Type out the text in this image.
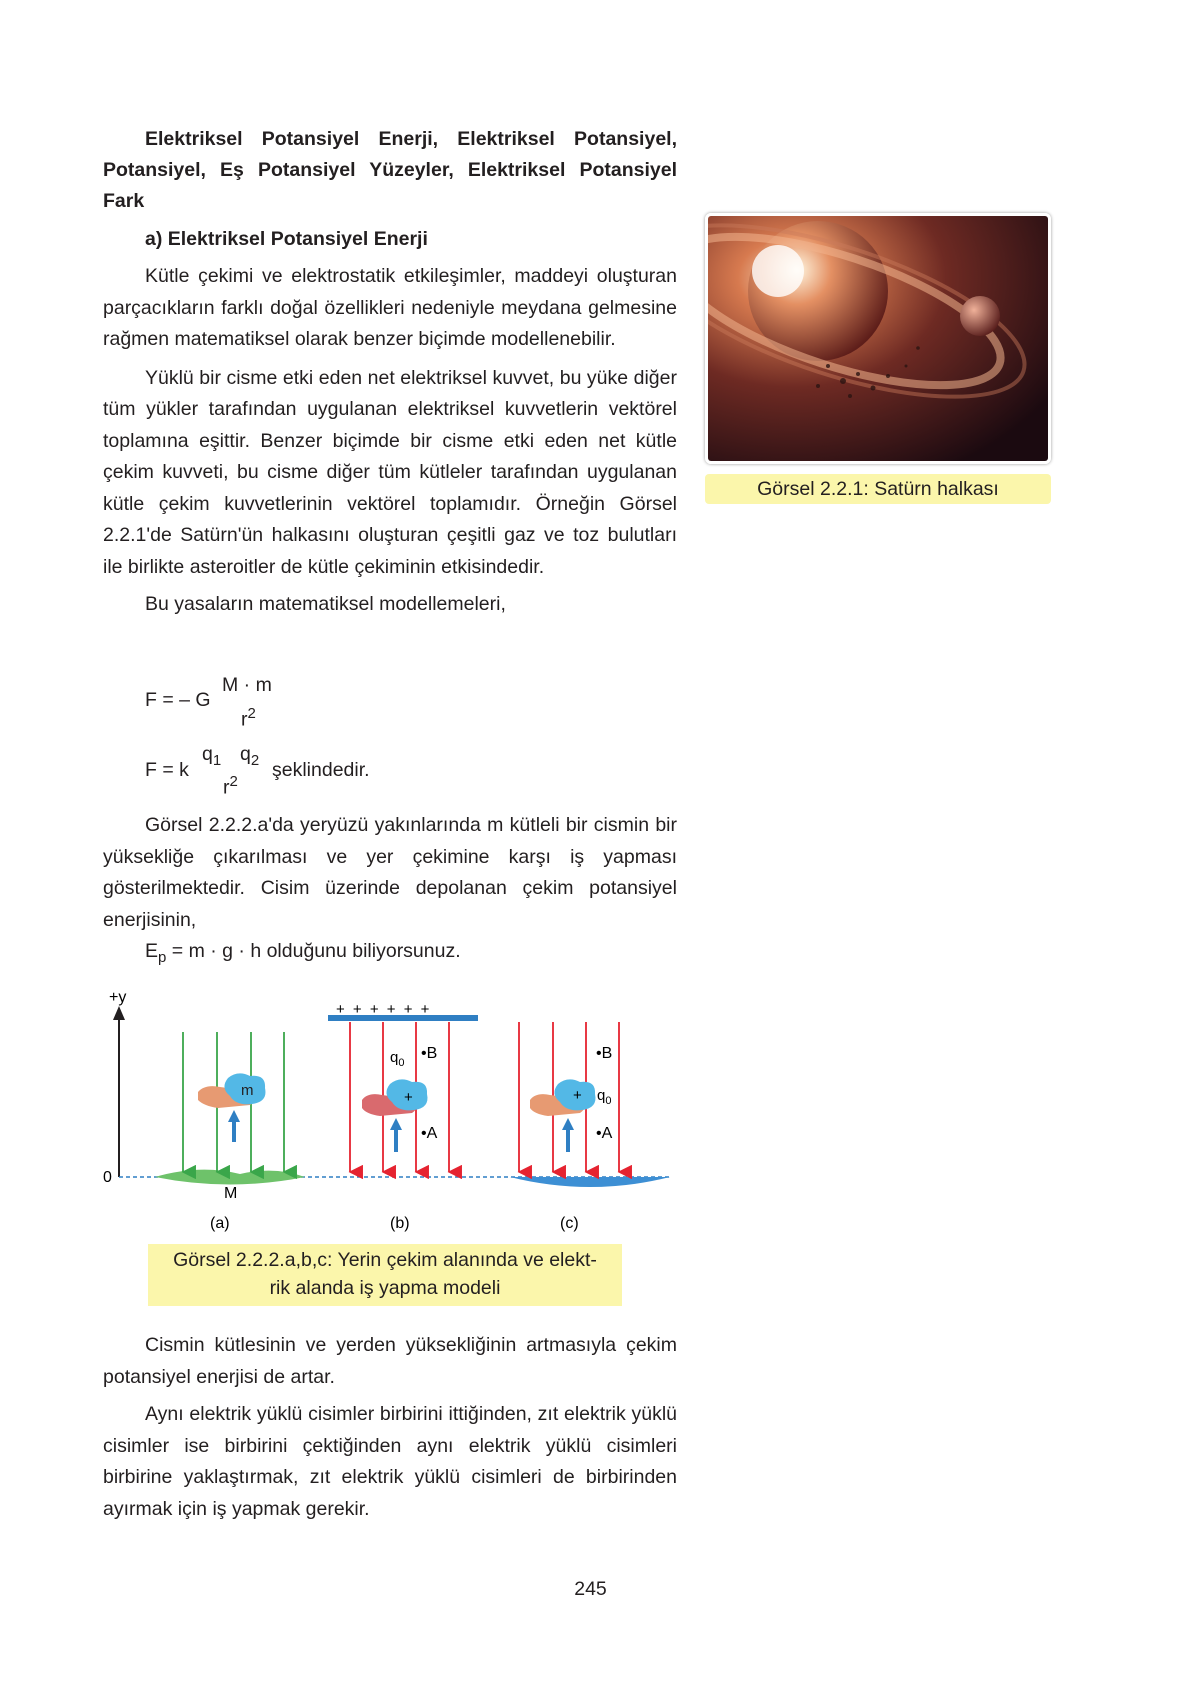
Elektriksel Potansiyel Enerji, Elektriksel Potansiyel, Potansiyel, Eş Potansiyel Yüzeyler, Elektriksel Potansiyel Fark
a) Elektriksel Potansiyel Enerji

Kütle çekimi ve elektrostatik etkileşimler, maddeyi oluşturan parçacıkların farklı doğal özellikleri nedeniyle meydana gelmesine rağmen matematiksel olarak benzer biçimde modellenebilir.

Yüklü bir cisme etki eden net elektriksel kuvvet, bu yüke diğer tüm yükler tarafından uygulanan elektriksel kuvvetlerin vektörel toplamına eşittir. Benzer biçimde bir cisme etki eden net kütle çekim kuvveti, bu cisme diğer tüm kütleler tarafından uygulanan kütle çekim kuvvetlerinin vektörel toplamıdır. Örneğin Görsel 2.2.1'de Satürn'ün halkasını oluşturan çeşitli gaz ve toz bulutları ile birlikte asteroitler de kütle çekiminin etkisindedir.

Bu yasaların matematiksel modellemeleri,

F = – G
M · m
$r^2$
F = k
$q_1$ $q_2$
$r^2$
şeklindedir.

Görsel 2.2.2.a'da yeryüzü yakınlarında m kütleli bir cismin bir yüksekliğe çıkarılması ve yer çekimine karşı iş yapması gösterilmektedir. Cisim üzerinde depolanan çekim potansiyel enerjisinin,

$E_p = m \cdot g \cdot h$ olduğunu biliyorsunuz.
+y
0
m
M
(a)
+ + + + + +
+
$q_0$
•B
•A
(b)
+ $q_0$
•B
•A
(c)
Görsel 2.2.2.a,b,c: Yerin çekim alanında ve elekt-
rik alanda iş yapma modeli

Cismin kütlesinin ve yerden yüksekliğinin artmasıyla çekim potansiyel enerjisi de artar.

Aynı elektrik yüklü cisimler birbirini ittiğinden, zıt elektrik yüklü cisimler ise birbirini çektiğinden aynı elektrik yüklü cisimleri birbirine yaklaştırmak, zıt elektrik yüklü cisimleri de birbirinden ayırmak için iş yapmak gerekir.

Görsel 2.2.1: Satürn halkası
245
